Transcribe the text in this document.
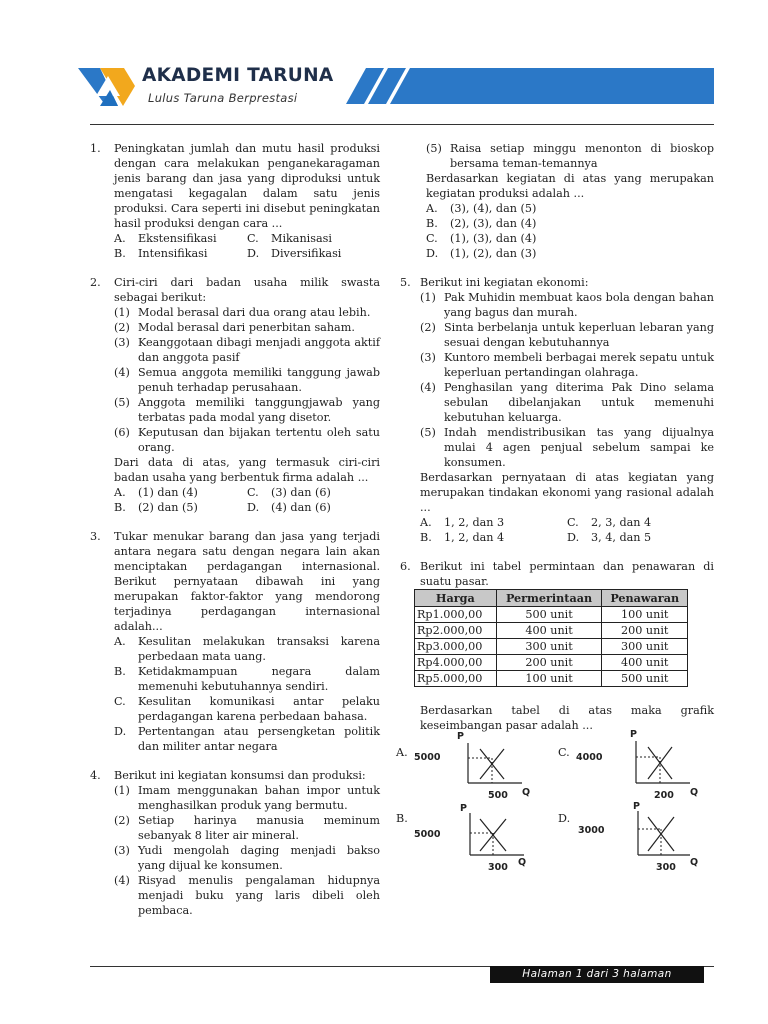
AKADEMI TARUNA
Lulus Taruna Berprestasi

1. Peningkatan jumlah dan mutu hasil produksi dengan cara melakukan penganekaragaman jenis barang dan jasa yang diproduksi untuk mengatasi kegagalan dalam satu jenis produksi. Cara seperti ini disebut peningkatan hasil produksi dengan cara ...
A. Ekstensifikasi	C. Mikanisasi
B. Intensifikasi	D. Diversifikasi
2. Ciri-ciri dari badan usaha milik swasta sebagai berikut:
(1) Modal berasal dari dua orang atau lebih.
(2) Modal berasal dari penerbitan saham.
(3) Keanggotaan dibagi menjadi anggota aktif dan anggota pasif
(4) Semua anggota memiliki tanggung jawab penuh terhadap perusahaan.
(5) Anggota memiliki tanggungjawab yang terbatas pada modal yang disetor.
(6) Keputusan dan bijakan tertentu oleh satu orang.
Dari data di atas, yang termasuk ciri-ciri badan usaha yang berbentuk firma adalah ...
A. (1) dan (4)	C. (3) dan (6)
B. (2) dan (5)	D. (4) dan (6)
3. Tukar menukar barang dan jasa yang terjadi antara negara satu dengan negara lain akan menciptakan perdagangan internasional. Berikut pernyataan dibawah ini yang merupakan faktor-faktor yang mendorong terjadinya perdagangan internasional adalah...
A. Kesulitan melakukan transaksi karena perbedaan mata uang.
B. Ketidakmampuan negara dalam memenuhi kebutuhannya sendiri.
C. Kesulitan komunikasi antar pelaku perdagangan karena perbedaan bahasa.
D. Pertentangan atau persengketan politik dan militer antar negara
4. Berikut ini kegiatan konsumsi dan produksi:
(1) Imam menggunakan bahan impor untuk menghasilkan produk yang bermutu.
(2) Setiap harinya manusia meminum sebanyak 8 liter air mineral.
(3) Yudi mengolah daging menjadi bakso yang dijual ke konsumen.
(4) Risyad menulis pengalaman hidupnya menjadi buku yang laris dibeli oleh pembaca.
(5) Raisa setiap minggu menonton di bioskop bersama teman-temannya
Berdasarkan kegiatan di atas yang merupakan kegiatan produksi adalah ...
A. (3), (4), dan (5)
B. (2), (3), dan (4)
C. (1), (3), dan (4)
D. (1), (2), dan (3)
5. Berikut ini kegiatan ekonomi:
(1) Pak Muhidin membuat kaos bola dengan bahan yang bagus dan murah.
(2) Sinta berbelanja untuk keperluan lebaran yang sesuai dengan kebutuhannya
(3) Kuntoro membeli berbagai merek sepatu untuk keperluan pertandingan olahraga.
(4) Penghasilan yang diterima Pak Dino selama sebulan dibelanjakan untuk memenuhi kebutuhan keluarga.
(5) Indah mendistribusikan tas yang dijualnya mulai 4 agen penjual sebelum sampai ke konsumen.
Berdasarkan pernyataan di atas kegiatan yang merupakan tindakan ekonomi yang rasional adalah ...
A. 1, 2, dan 3	C. 2, 3, dan 4
B. 1, 2, dan 4	D. 3, 4, dan 5
6. Berikut ini tabel permintaan dan penawaran di suatu pasar.
Harga	Permerintaan	Penawaran
Rp1.000,00	500 unit	100 unit
Rp2.000,00	400 unit	200 unit
Rp3.000,00	300 unit	300 unit
Rp4.000,00	200 unit	400 unit
Rp5.000,00	100 unit	500 unit
Berdasarkan tabel di atas maka grafik keseimbangan pasar adalah ...
A.
P
5000
500 Q
C.
P
4000
200 Q
B.
P
5000
300 Q
D.
P
3000
300 Q
Halaman 1 dari 3 halaman
